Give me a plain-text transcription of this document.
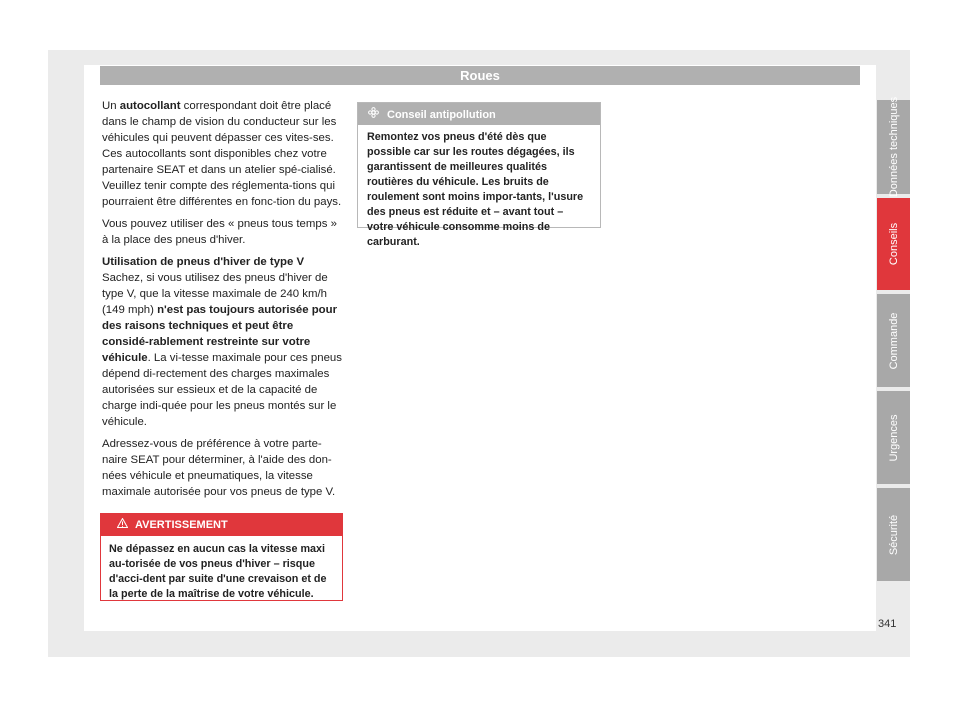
Roues

Un autocollant correspondant doit être placé dans le champ de vision du conducteur sur les véhicules qui peuvent dépasser ces vites-ses. Ces autocollants sont disponibles chez votre partenaire SEAT et dans un atelier spé-cialisé. Veuillez tenir compte des réglementa-tions qui pourraient être différentes en fonc-tion du pays.

Vous pouvez utiliser des « pneus tous temps » à la place des pneus d'hiver.

Utilisation de pneus d'hiver de type V

Sachez, si vous utilisez des pneus d'hiver de type V, que la vitesse maximale de 240 km/h (149 mph) n'est pas toujours autorisée pour des raisons techniques et peut être considé-rablement restreinte sur votre véhicule. La vi-tesse maximale pour ces pneus dépend di-rectement des charges maximales autorisées sur essieux et de la capacité de charge indi-quée pour les pneus montés sur le véhicule.

Adressez-vous de préférence à votre parte-naire SEAT pour déterminer, à l'aide des don-nées véhicule et pneumatiques, la vitesse maximale autorisée pour vos pneus de type V.

AVERTISSEMENT
Ne dépassez en aucun cas la vitesse maxi au-torisée de vos pneus d'hiver – risque d'acci-dent par suite d'une crevaison et de la perte de la maîtrise de votre véhicule.
Conseil antipollution
Remontez vos pneus d'été dès que possible car sur les routes dégagées, ils garantissent de meilleures qualités routières du véhicule. Les bruits de roulement sont moins impor-tants, l'usure des pneus est réduite et – avant tout – votre véhicule consomme moins de carburant.
Données techniques
Conseils
Commande
Urgences
Sécurité
341
